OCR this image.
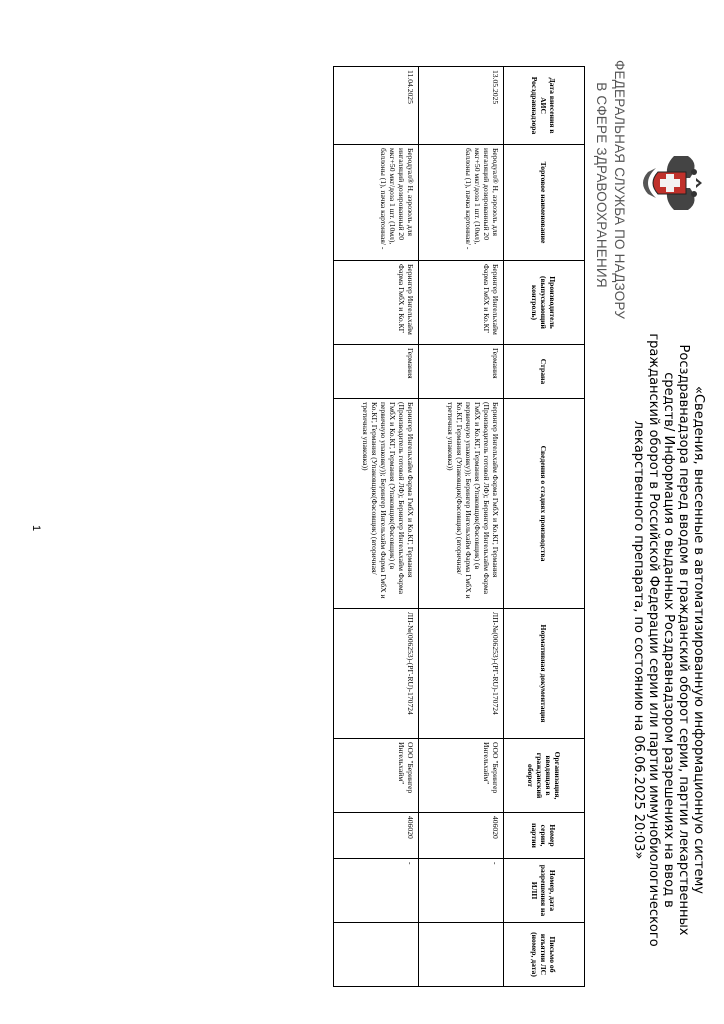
ФЕДЕРАЛЬНАЯ СЛУЖБА ПО НАДЗОРУ
В СФЕРЕ ЗДРАВООХРАНЕНИЯ
«Сведения, внесенные в автоматизированную информационную систему Росздравнадзора перед вводом в гражданский оборот серии, партии лекарственных средств/ Информация о выданных Росздравнадзором разрешениях на ввод в гражданский оборот в Российской Федерации серии или партии иммунобиологического лекарственного препарата, по состоянию на 06.06.2025 20:03»
Дата внесения в АИС Росздравнадзора	Торговое наименование	Производитель (выпускающий контроль)	Страна	Сведения о стадиях производства	Нормативная документация	Организация, вводящая в гражданский оборот	Номер серии, партии	Номер, дата разрешения на ИЛП	Письмо об изъятии ЛС (номер, дата)
13.05.2025	Беродуал® Н, аэрозоль для ингаляций дозированный 20 мкг+50 мкг/доза 1 шт. (10мл), баллоны (1), пачка картонная/ -	Берингер Ингельхайм Фарма ГмбХ и Ко.КГ	Германия	Берингер Ингельхайм Фарма ГмбХ и Ко.КГ, Германия (Производитель готовой ЛФ); Берингер Ингельхайм Фарма ГмбХ и Ко.КГ, Германия (Упаковщик(Фасовщик) (в первичную упаковку)); Берингер Ингельхайм Фарма ГмбХ и Ко.КГ, Германия (Упаковщик(Фасовщик) (вторичная/третичная упаковка))	ЛП-№(006253)-(РГ-RU)-170724	ООО "Берингер Ингельхайм"	406020	-	
11.04.2025	Беродуал® Н, аэрозоль для ингаляций дозированный 20 мкг+50 мкг/доза 1 шт. (10мл), баллоны (1), пачка картонная/ -	Берингер Ингельхайм Фарма ГмбХ и Ко.КГ	Германия	Берингер Ингельхайм Фарма ГмбХ и Ко.КГ, Германия (Производитель готовой ЛФ); Берингер Ингельхайм Фарма ГмбХ и Ко.КГ, Германия (Упаковщик(Фасовщик) (в первичную упаковку)); Берингер Ингельхайм Фарма ГмбХ и Ко.КГ, Германия (Упаковщик(Фасовщик) (вторичная/третичная упаковка))	ЛП-№(006253)-(РГ-RU)-170724	ООО "Берингер Ингельхайм"	406020	-	
1
